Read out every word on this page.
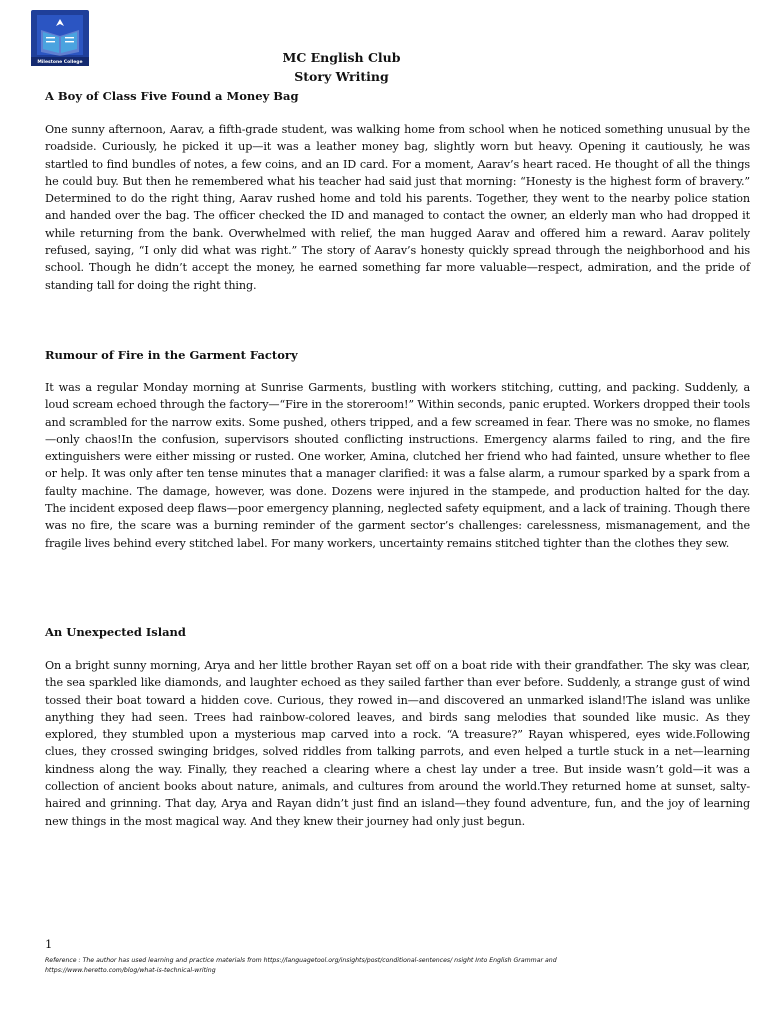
Milestone College	MC English Club
Story Writing
A Boy of Class Five Found a Money Bag

One sunny afternoon, Aarav, a fifth-grade student, was walking home from school when he noticed something unusual by the roadside. Curiously, he picked it up—it was a leather money bag, slightly worn but heavy. Opening it cautiously, he was startled to find bundles of notes, a few coins, and an ID card. For a moment, Aarav’s heart raced. He thought of all the things he could buy. But then he remembered what his teacher had said just that morning: “Honesty is the highest form of bravery.” Determined to do the right thing, Aarav rushed home and told his parents. Together, they went to the nearby police station and handed over the bag. The officer checked the ID and managed to contact the owner, an elderly man who had dropped it while returning from the bank. Overwhelmed with relief, the man hugged Aarav and offered him a reward. Aarav politely refused, saying, “I only did what was right.” The story of Aarav’s honesty quickly spread through the neighborhood and his school. Though he didn’t accept the money, he earned something far more valuable—respect, admiration, and the pride of standing tall for doing the right thing.

Rumour of Fire in the Garment Factory

It was a regular Monday morning at Sunrise Garments, bustling with workers stitching, cutting, and packing. Suddenly, a loud scream echoed through the factory—“Fire in the storeroom!” Within seconds, panic erupted. Workers dropped their tools and scrambled for the narrow exits. Some pushed, others tripped, and a few screamed in fear. There was no smoke, no flames—only chaos!In the confusion, supervisors shouted conflicting instructions. Emergency alarms failed to ring, and the fire extinguishers were either missing or rusted. One worker, Amina, clutched her friend who had fainted, unsure whether to flee or help. It was only after ten tense minutes that a manager clarified: it was a false alarm, a rumour sparked by a spark from a faulty machine. The damage, however, was done. Dozens were injured in the stampede, and production halted for the day. The incident exposed deep flaws—poor emergency planning, neglected safety equipment, and a lack of training. Though there was no fire, the scare was a burning reminder of the garment sector’s challenges: carelessness, mismanagement, and the fragile lives behind every stitched label. For many workers, uncertainty remains stitched tighter than the clothes they sew.

An Unexpected Island

On a bright sunny morning, Arya and her little brother Rayan set off on a boat ride with their grandfather. The sky was clear, the sea sparkled like diamonds, and laughter echoed as they sailed farther than ever before. Suddenly, a strange gust of wind tossed their boat toward a hidden cove. Curious, they rowed in—and discovered an unmarked island!The island was unlike anything they had seen. Trees had rainbow-colored leaves, and birds sang melodies that sounded like music. As they explored, they stumbled upon a mysterious map carved into a rock. “A treasure?” Rayan whispered, eyes wide.Following clues, they crossed swinging bridges, solved riddles from talking parrots, and even helped a turtle stuck in a net—learning kindness along the way. Finally, they reached a clearing where a chest lay under a tree. But inside wasn’t gold—it was a collection of ancient books about nature, animals, and cultures from around the world.They returned home at sunset, salty-haired and grinning. That day, Arya and Rayan didn’t just find an island—they found adventure, fun, and the joy of learning new things in the most magical way. And they knew their journey had only just begun.

1
Reference : The author has used learning and practice materials from https://languagetool.org/insights/post/conditional-sentences/ nsight Into English Grammar and https://www.heretto.com/blog/what-is-technical-writing
